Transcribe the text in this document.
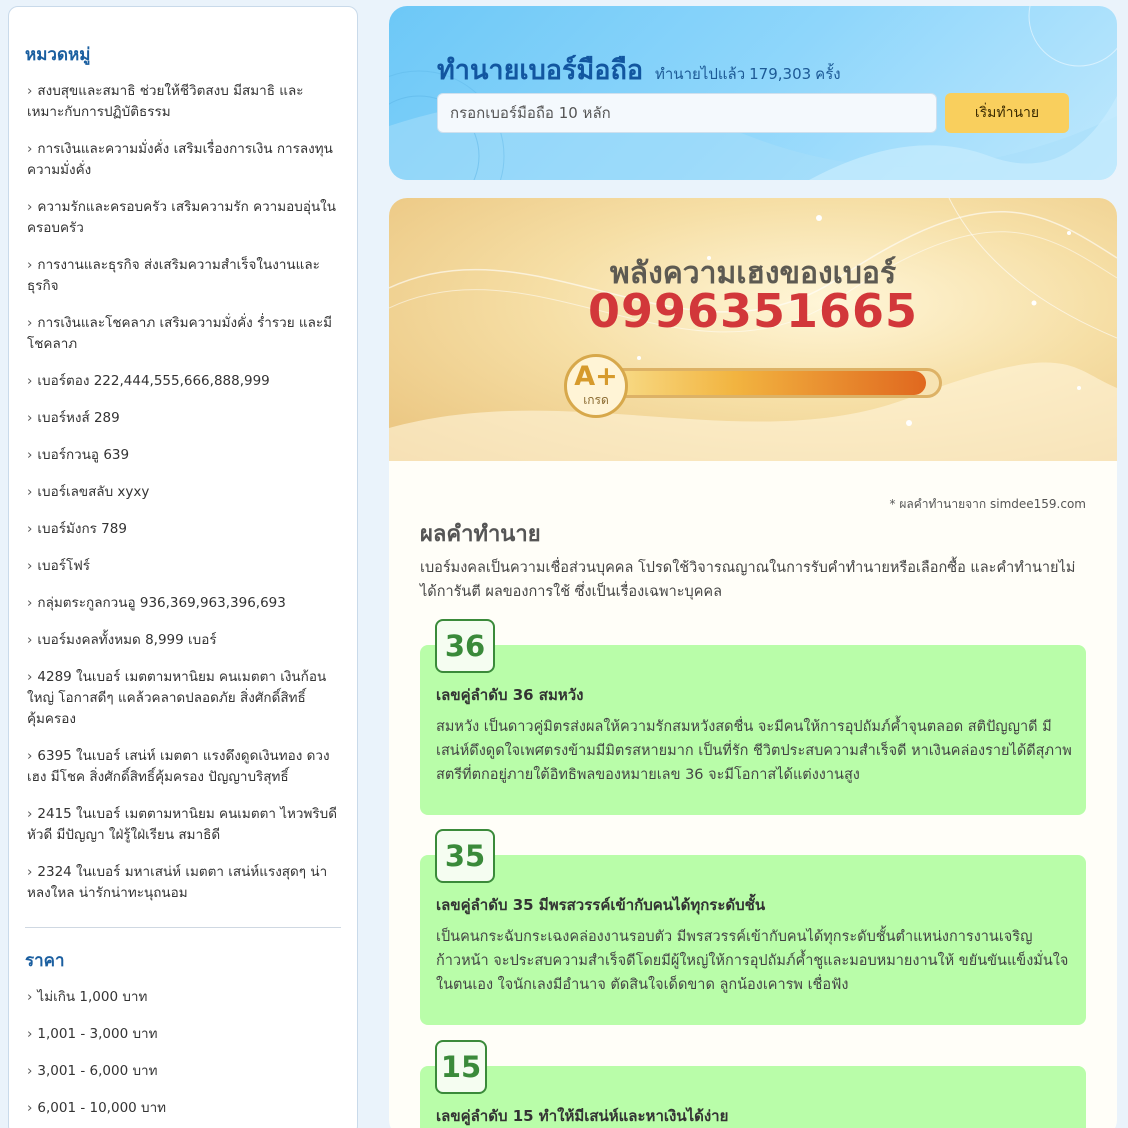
หมวดหมู่
› สงบสุขและสมาธิ ช่วยให้ชีวิตสงบ มีสมาธิ และเหมาะกับการปฏิบัติธรรม
› การเงินและความมั่งคั่ง เสริมเรื่องการเงิน การลงทุน ความมั่งคั่ง
› ความรักและครอบครัว เสริมความรัก ความอบอุ่นในครอบครัว
› การงานและธุรกิจ ส่งเสริมความสำเร็จในงานและธุรกิจ
› การเงินและโชคลาภ เสริมความมั่งคั่ง ร่ำรวย และมีโชคลาภ
› เบอร์ตอง 222,444,555,666,888,999
› เบอร์หงส์ 289
› เบอร์กวนอู 639
› เบอร์เลขสลับ xyxy
› เบอร์มังกร 789
› เบอร์โฟร์
› กลุ่มตระกูลกวนอู 936,369,963,396,693
› เบอร์มงคลทั้งหมด 8,999 เบอร์
› 4289 ในเบอร์ เมตตามหานิยม คนเมตตา เงินก้อนใหญ่ โอกาสดีๆ แคล้วคลาดปลอดภัย สิ่งศักดิ์สิทธิ์คุ้มครอง
› 6395 ในเบอร์ เสน่ห์ เมตตา แรงดึงดูดเงินทอง ดวงเฮง มีโชค สิ่งศักดิ์สิทธิ์คุ้มครอง ปัญญาบริสุทธิ์
› 2415 ในเบอร์ เมตตามหานิยม คนเมตตา ไหวพริบดี หัวดี มีปัญญา ใฝ่รู้ใฝ่เรียน สมาธิดี
› 2324 ในเบอร์ มหาเสน่ห์ เมตตา เสน่ห์แรงสุดๆ น่าหลงใหล น่ารักน่าทะนุถนอม
ราคา
› ไม่เกิน 1,000 บาท
› 1,001 - 3,000 บาท
› 3,001 - 6,000 บาท
› 6,001 - 10,000 บาท
ทำนายเบอร์มือถือ ทำนายไปแล้ว 179,303 ครั้ง
กรอกเบอร์มือถือ 10 หลัก
เริ่มทำนาย
พลังความเฮงของเบอร์
0996351665
A+
เกรด
* ผลคำทำนายจาก simdee159.com
ผลคำทำนาย

เบอร์มงคลเป็นความเชื่อส่วนบุคคล โปรดใช้วิจารณญาณในการรับคำทำนายหรือเลือกซื้อ และคำทำนายไม่ได้การันตี ผลของการใช้ ซึ่งเป็นเรื่องเฉพาะบุคคล

36
เลขคู่ลำดับ 36 สมหวัง

สมหวัง เป็นดาวคู่มิตรส่งผลให้ความรักสมหวังสดชื่น จะมีคนให้การอุปถัมภ์ค้ำจุนตลอด สติปัญญาดี มีเสน่ห์ดึงดูดใจเพศตรงข้ามมีมิตรสหายมาก เป็นที่รัก ชีวิตประสบความสำเร็จดี หาเงินคล่องรายได้ดีสุภาพสตรีที่ตกอยู่ภายใต้อิทธิพลของหมายเลข 36 จะมีโอกาสได้แต่งงานสูง

35
เลขคู่ลำดับ 35 มีพรสวรรค์เข้ากับคนได้ทุกระดับชั้น

เป็นคนกระฉับกระเฉงคล่องงานรอบตัว มีพรสวรรค์เข้ากับคนได้ทุกระดับชั้นตำแหน่งการงานเจริญก้าวหน้า จะประสบความสำเร็จดีโดยมีผู้ใหญ่ให้การอุปถัมภ์ค้ำชูและมอบหมายงานให้ ขยันขันแข็งมั่นใจในตนเอง ใจนักเลงมีอำนาจ ตัดสินใจเด็ดขาด ลูกน้องเคารพ เชื่อฟัง

15
เลขคู่ลำดับ 15 ทำให้มีเสน่ห์และหาเงินได้ง่าย
